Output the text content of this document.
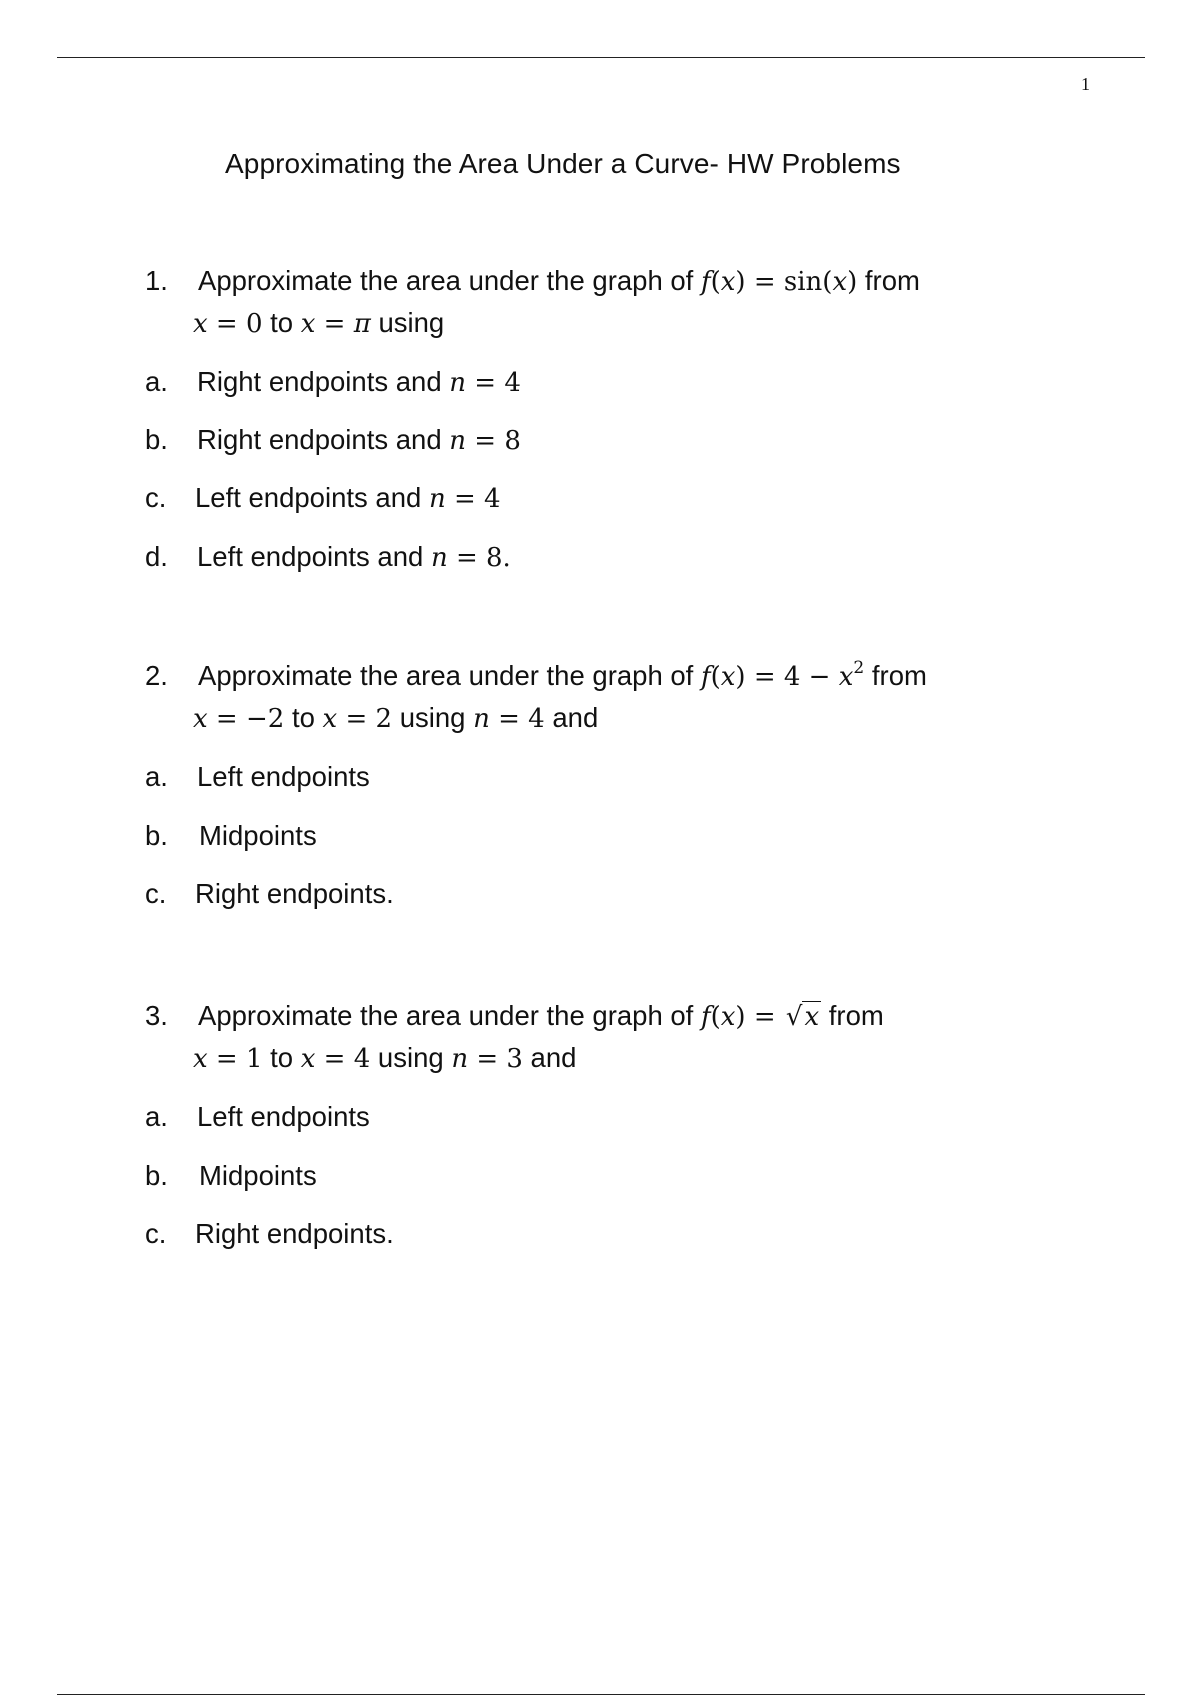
1
Approximating the Area Under a Curve- HW Problems
1. Approximate the area under the graph of f(x) = sin(x) from
x = 0 to x = π using
a. Right endpoints and n = 4
b. Right endpoints and n = 8
c. Left endpoints and n = 4
d. Left endpoints and n = 8.
2. Approximate the area under the graph of $f(x) = 4 - x^2$ from
x = −2 to x = 2 using n = 4 and
a. Left endpoints
b. Midpoints
c. Right endpoints.
3. Approximate the area under the graph of f(x) = √x from
x = 1 to x = 4 using n = 3 and
a. Left endpoints
b. Midpoints
c. Right endpoints.
